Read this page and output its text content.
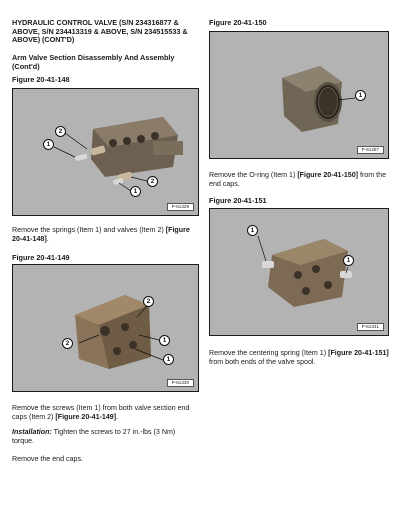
HYDRAULIC CONTROL VALVE (S/N 234316877 & ABOVE, S/N 234413319 & ABOVE, S/N 234515533 & ABOVE) (CONT'D)
Arm Valve Section Disassembly And Assembly (Cont'd)
Figure 20-41-148
2
1
2
1
P-61329
Remove the springs (Item 1) and valves (Item 2) [Figure 20-41-148].
Figure 20-41-149
2
2	1
1
P-61330
Remove the screws (Item 1) from both valve section end caps (Item 2) [Figure 20-41-149].
Installation: Tighten the screws to 27 in.-lbs (3 Nm) torque.
Remove the end caps.
Figure 20-41-150
1
P-61257
Remove the O-ring (Item 1) [Figure 20-41-150] from the end caps.
Figure 20-41-151
1
1
P-61331
Remove the centering spring (Item 1) [Figure 20-41-151] from both ends of the valve spool.
